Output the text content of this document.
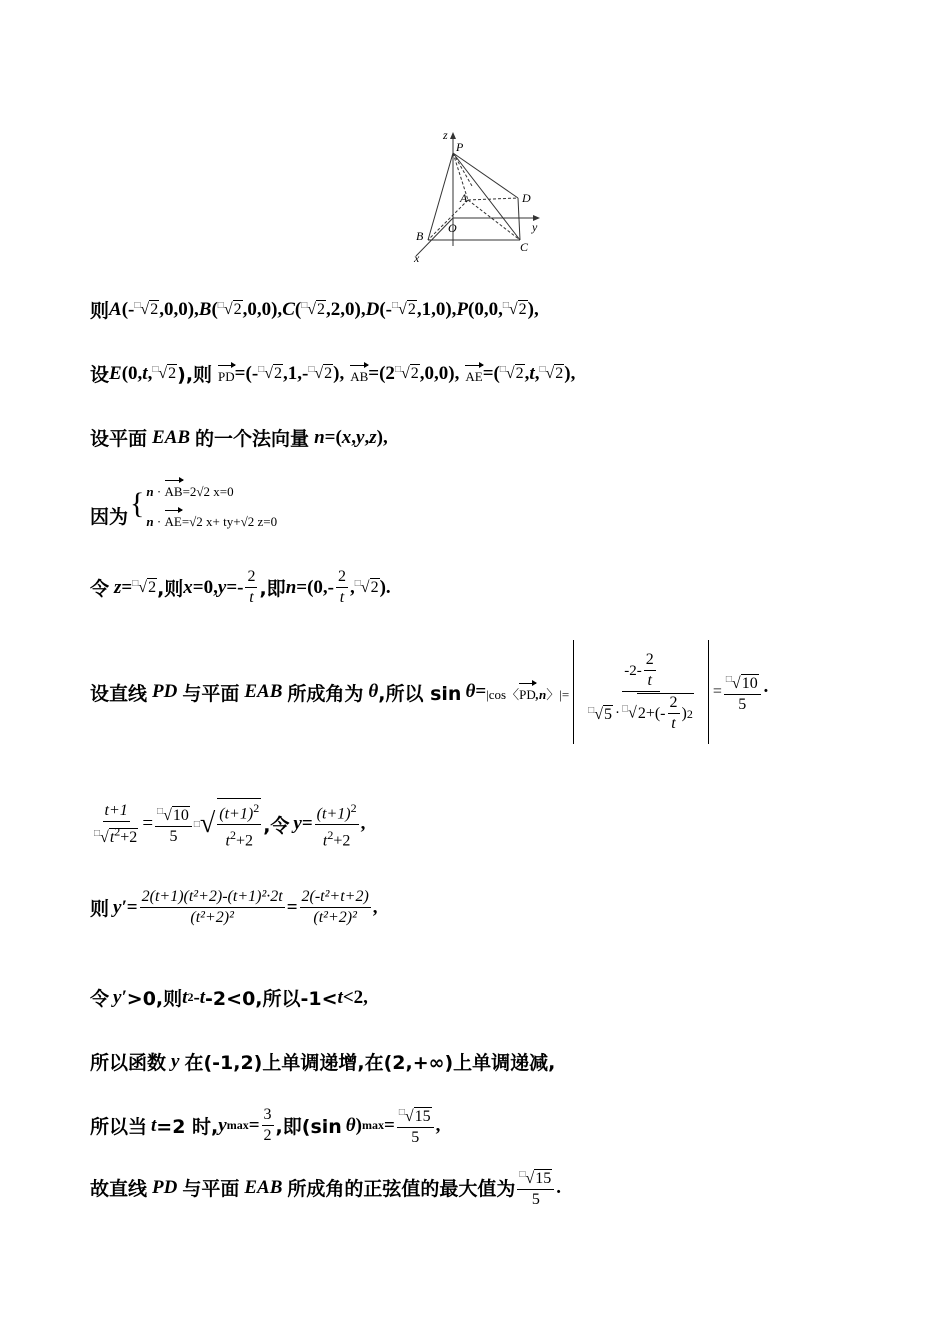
z
P
A	D
O	y
B
C
x
则 A (- □√2 ,0,0), B ( □√2 ,0,0), C ( □√2 ,2,0), D (- □√2 ,1,0), P (0,0, □√2 ),
设 E (0, t , □√2 ),则 PD =(- □√2 ,1,- □√2 ), AB =(2 □√2 ,0,0), AE =( □√2 , t , □√2 ),
设平面 EAB 的一个法向量 n =( x , y , z ),
因为 { n · AB=2√2 x=0
n · AE=√2 x+ ty+√2 z=0
令 z = □√2 ,则 x =0, $y =- \frac{2}{t}$ ,即 $n =(0,- \frac{2}{t}$ , □√2 ).
设直线 PD 与平面 EAB 所成角为 θ ,所以 sin θ = |cos〈PD,n〉|= $\frac{-2- \frac{2}{t}}{^□√5 \cdot ^□√ 2+(- \frac{2}{t} ) 2} = \frac{^□√10}{5}$ ·
$\frac{t+1}{^□√t^2+2} = \frac{^□√10}{5}$ □ √ $\frac{(t+1)^2}{t^2+2}$ ,令 $y = \frac{(t+1)^2}{t^2+2}$ ,
则 $y' = \frac{\text{2(t+1)(t²+2)-(t+1)²·2t}}{\text{(t²+2)²}} = \frac{\text{2(-t²+t+2)}}{\text{(t²+2)²}}$ ,
令 y′ >0,则 t 2 - t -2<0,所以-1< t <2,
所以函数 y 在(-1,2)上单调递增,在(2,+∞)上单调递减,
所以当 t =2 时, y $\max = \frac{3}{2}$ ,即(sin θ ) $\max = \frac{^□√15}{5}$ ,
故直线 PD 与平面 EAB 所成角的正弦值的最大值为 $\frac{^□√15}{5}$ .
